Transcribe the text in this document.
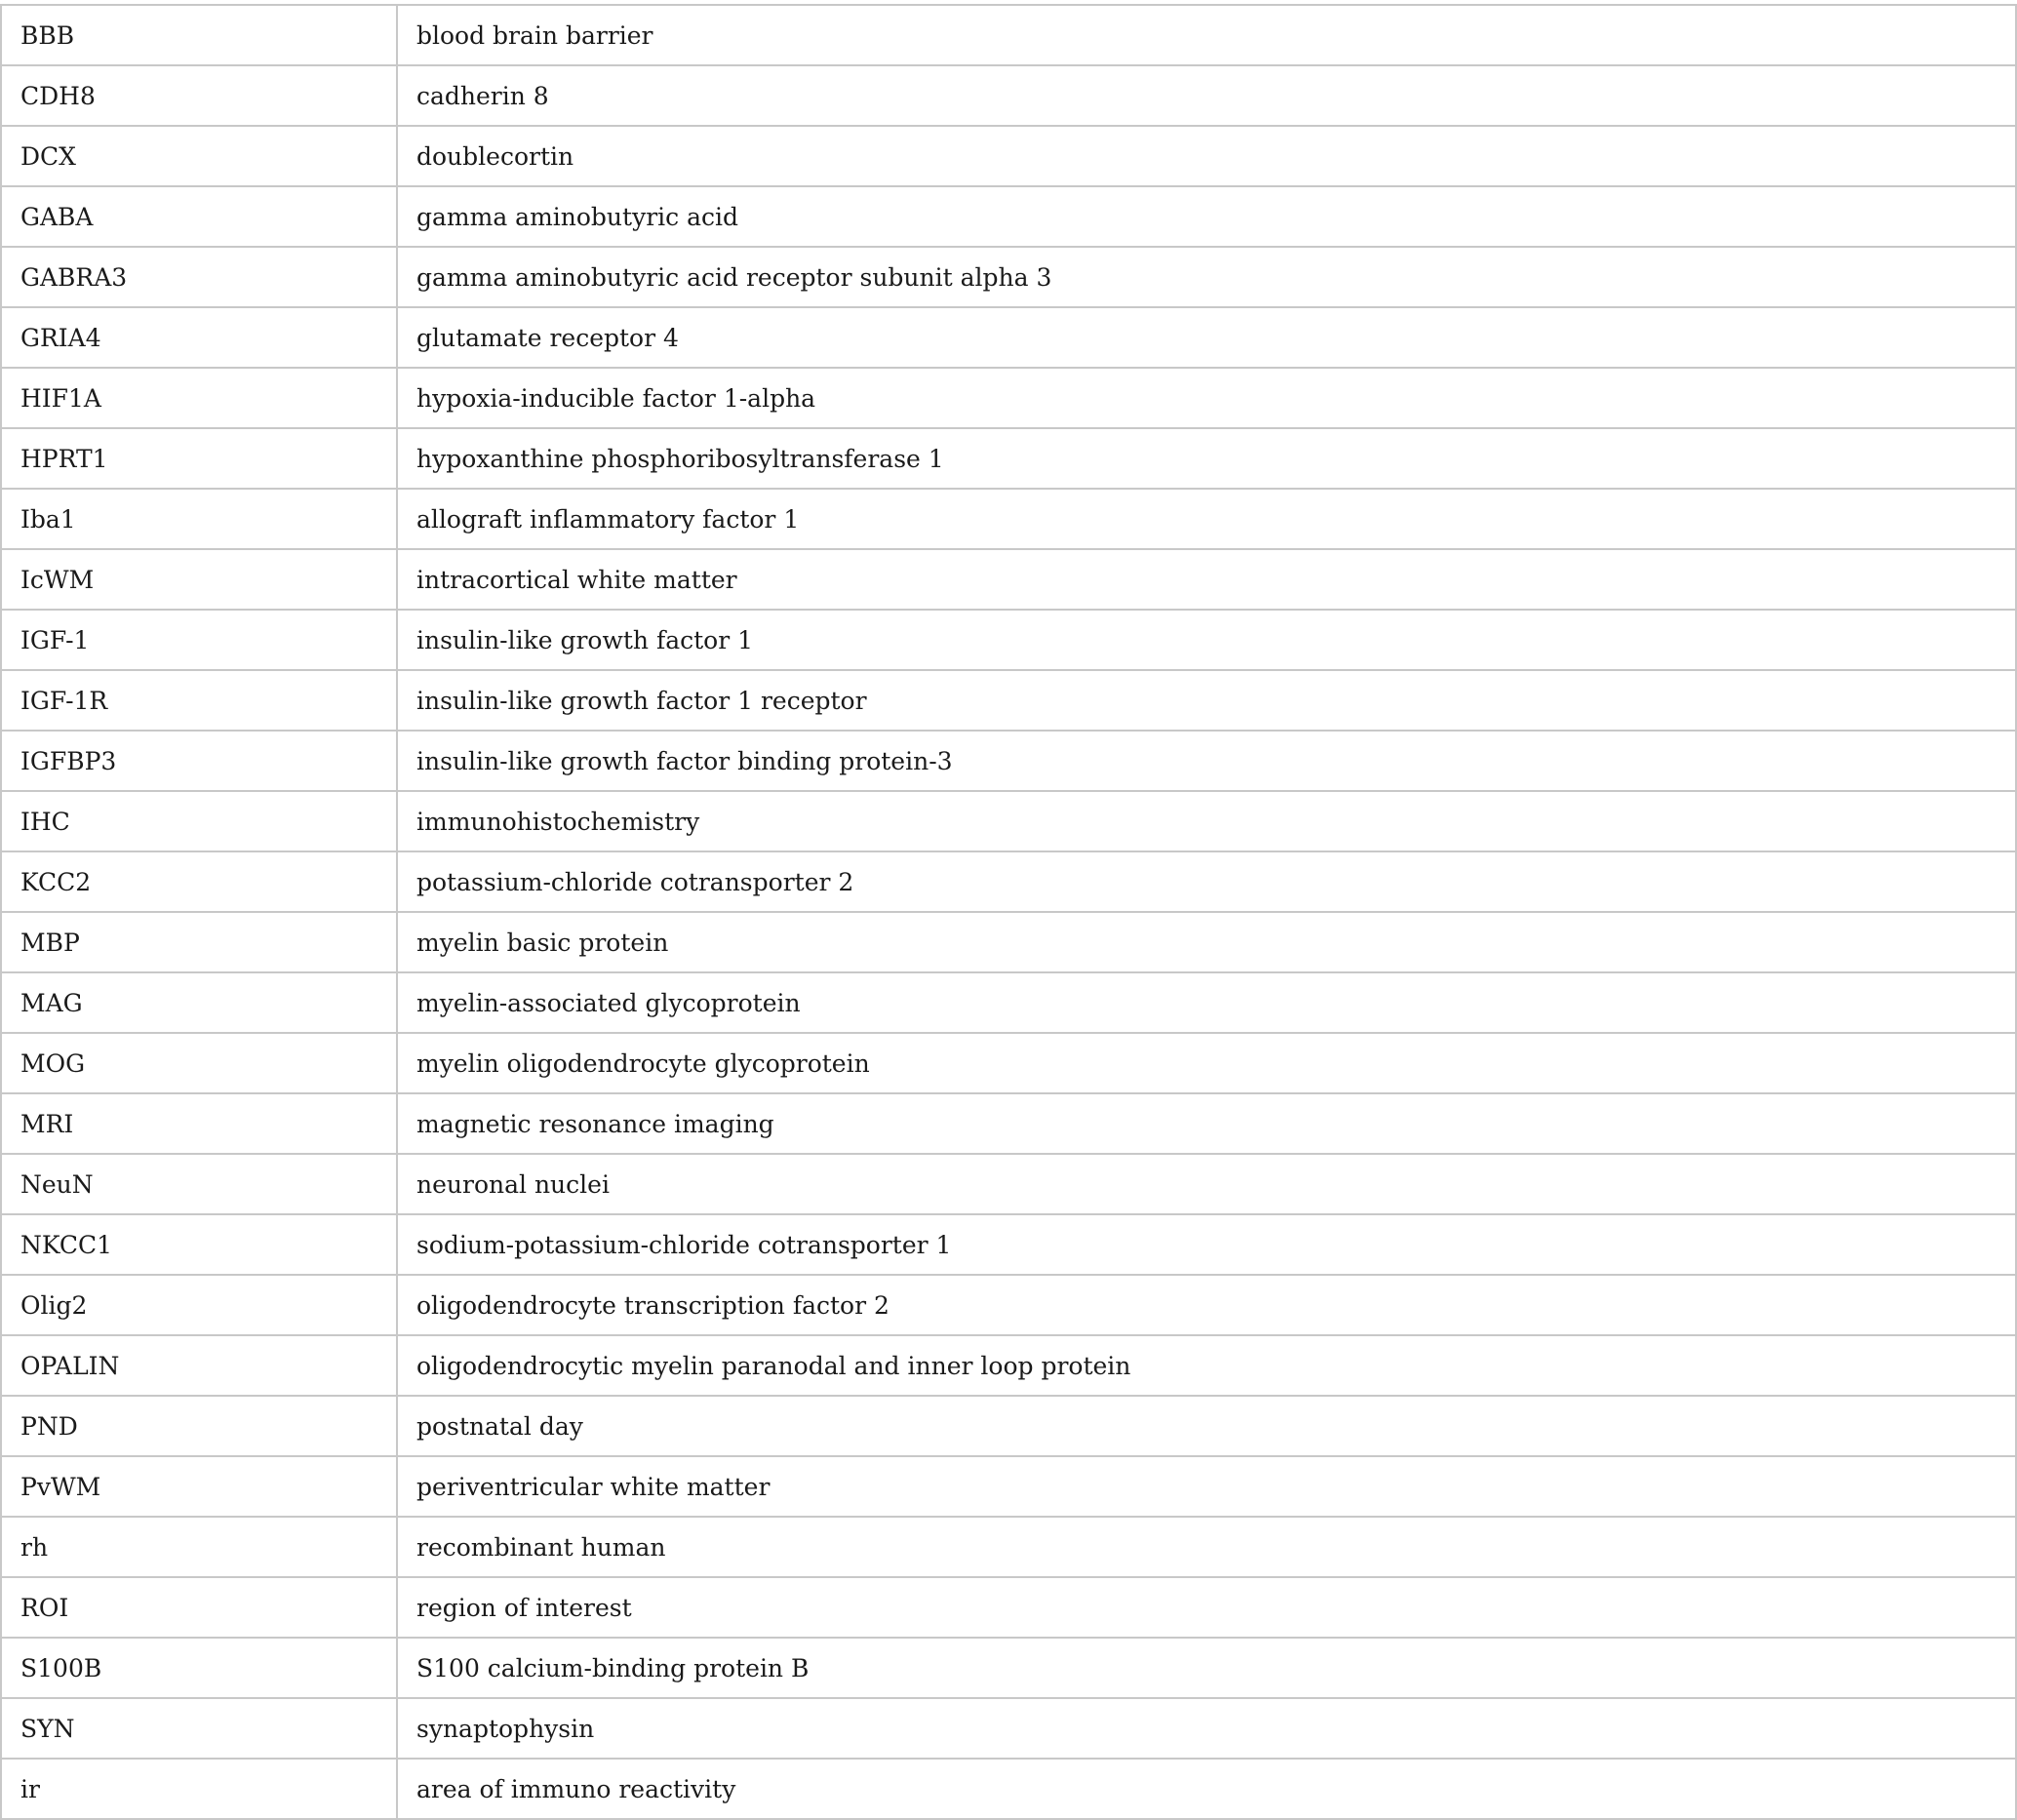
BBB	blood brain barrier
CDH8	cadherin 8
DCX	doublecortin
GABA	gamma aminobutyric acid
GABRA3	gamma aminobutyric acid receptor subunit alpha 3
GRIA4	glutamate receptor 4
HIF1A	hypoxia-inducible factor 1-alpha
HPRT1	hypoxanthine phosphoribosyltransferase 1
Iba1	allograft inflammatory factor 1
IcWM	intracortical white matter
IGF-1	insulin-like growth factor 1
IGF-1R	insulin-like growth factor 1 receptor
IGFBP3	insulin-like growth factor binding protein-3
IHC	immunohistochemistry
KCC2	potassium-chloride cotransporter 2
MBP	myelin basic protein
MAG	myelin-associated glycoprotein
MOG	myelin oligodendrocyte glycoprotein
MRI	magnetic resonance imaging
NeuN	neuronal nuclei
NKCC1	sodium-potassium-chloride cotransporter 1
Olig2	oligodendrocyte transcription factor 2
OPALIN	oligodendrocytic myelin paranodal and inner loop protein
PND	postnatal day
PvWM	periventricular white matter
rh	recombinant human
ROI	region of interest
S100B	S100 calcium-binding protein B
SYN	synaptophysin
ir	area of immuno reactivity
